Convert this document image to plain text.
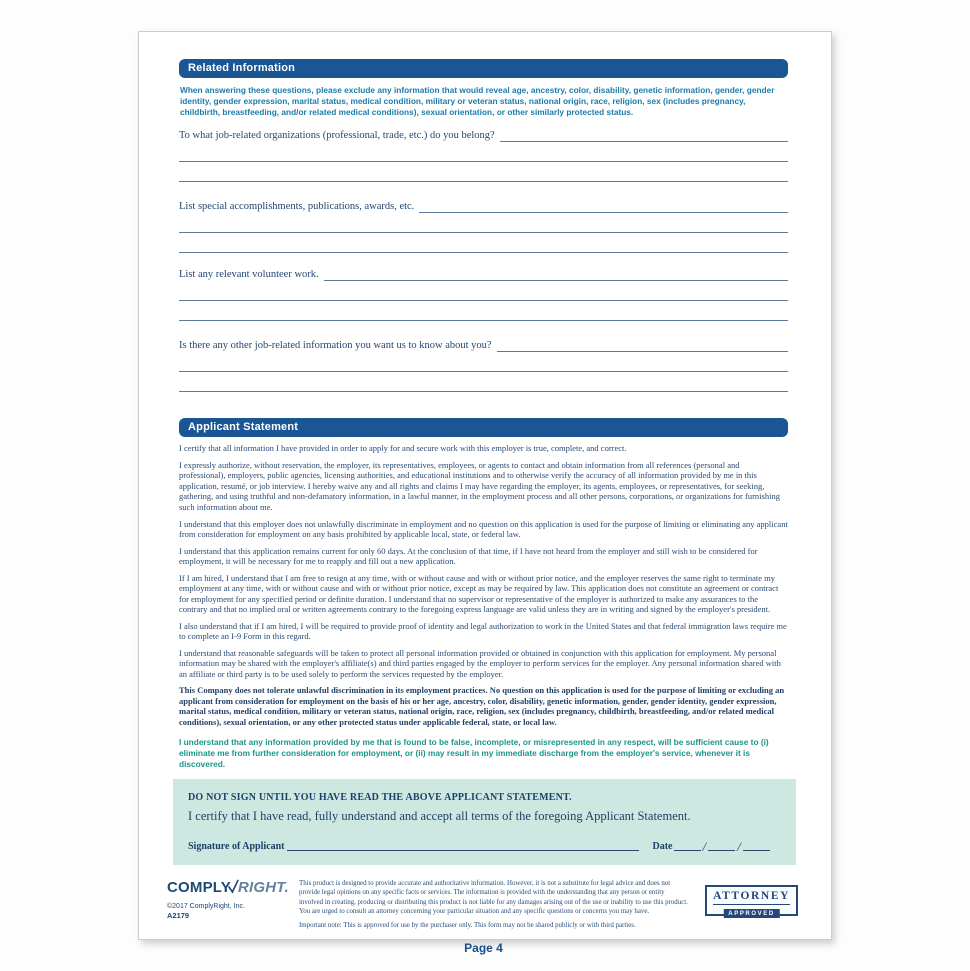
Related Information
When answering these questions, please exclude any information that would reveal age, ancestry, color, disability, genetic information, gender, gender identity, gender expression, marital status, medical condition, military or veteran status, national origin, race, religion, sex (includes pregnancy, childbirth, breastfeeding, and/or related medical conditions), sexual orientation, or other similarly protected status.
To what job-related organizations (professional, trade, etc.) do you belong?
List special accomplishments, publications, awards, etc.
List any relevant volunteer work.
Is there any other job-related information you want us to know about you?
Applicant Statement

I certify that all information I have provided in order to apply for and secure work with this employer is true, complete, and correct.

I expressly authorize, without reservation, the employer, its representatives, employees, or agents to contact and obtain information from all references (personal and professional), employers, public agencies, licensing authorities, and educational institutions and to otherwise verify the accuracy of all information provided by me in this application, resumé, or job interview. I hereby waive any and all rights and claims I may have regarding the employer, its agents, employees, or representatives, for seeking, gathering, and using truthful and non-defamatory information, in a lawful manner, in the employment process and all other persons, corporations, or organizations for furnishing such information about me.

I understand that this employer does not unlawfully discriminate in employment and no question on this application is used for the purpose of limiting or eliminating any applicant from consideration for employment on any basis prohibited by applicable local, state, or federal law.

I understand that this application remains current for only 60 days. At the conclusion of that time, if I have not heard from the employer and still wish to be considered for employment, it will be necessary for me to reapply and fill out a new application.

If I am hired, I understand that I am free to resign at any time, with or without cause and with or without prior notice, and the employer reserves the same right to terminate my employment at any time, with or without cause and with or without prior notice, except as may be required by law. This application does not constitute an agreement or contract for employment for any specified period or definite duration. I understand that no supervisor or representative of the employer is authorized to make any assurances to the contrary and that no implied oral or written agreements contrary to the foregoing express language are valid unless they are in writing and signed by the employer's president.

I also understand that if I am hired, I will be required to provide proof of identity and legal authorization to work in the United States and that federal immigration laws require me to complete an I-9 Form in this regard.

I understand that reasonable safeguards will be taken to protect all personal information provided or obtained in conjunction with this application for employment. My personal information may be shared with the employer's affiliate(s) and third parties engaged by the employer to perform services for the employer. Any personal information shared with an affiliate or third party is to be used solely to perform the services requested by the employer.

This Company does not tolerate unlawful discrimination in its employment practices. No question on this application is used for the purpose of limiting or excluding an applicant from consideration for employment on the basis of his or her age, ancestry, color, disability, genetic information, gender, gender identity, gender expression, marital status, medical condition, military or veteran status, national origin, race, religion, sex (includes pregnancy, childbirth, breastfeeding, and/or related medical conditions), sexual orientation, or any other protected status under applicable federal, state, or local law.

I understand that any information provided by me that is found to be false, incomplete, or misrepresented in any respect, will be sufficient cause to (i) eliminate me from further consideration for employment, or (ii) may result in my immediate discharge from the employer's service, whenever it is discovered.

DO NOT SIGN UNTIL YOU HAVE READ THE ABOVE APPLICANT STATEMENT.
I certify that I have read, fully understand and accept all terms of the foregoing Applicant Statement.
Signature of Applicant	Date / /
COMPLY RIGHT.
©2017 ComplyRight, Inc.
A2179
This product is designed to provide accurate and authoritative information. However, it is not a substitute for legal advice and does not provide legal opinions on any specific facts or services. The information is provided with the understanding that any person or entity involved in creating, producing or distributing this product is not liable for any damages arising out of the use or inability to use this product. You are urged to consult an attorney concerning your particular situation and any specific questions or concerns you may have.
Important note: This is approved for use by the purchaser only. This form may not be shared publicly or with third parties.
ATTORNEY
APPROVED
Page 4
